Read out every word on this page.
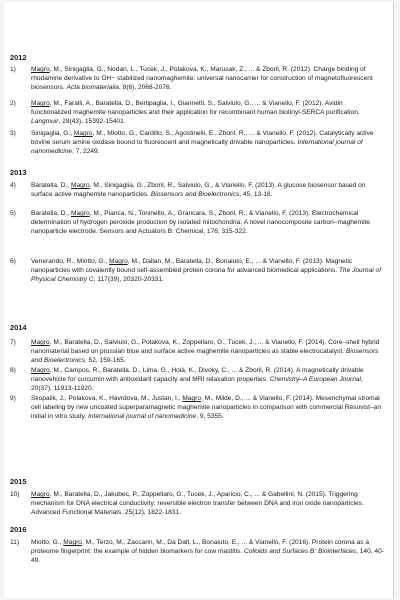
2012
1)	Magro, M., Sinigaglia, G., Nodari, L., Tucek, J., Polakova, K., Marusak, Z., ... & Zboril, R. (2012). Charge binding of rhodamine derivative to OH− stabilized nanomaghemite: universal nanocarrier for construction of magnetofluorescent biosensors. Acta biomaterialia, 8(6), 2068-2076.

2)	Magro, M., Faralli, A., Baratella, D., Bertipaglia, I., Giannetti, S., Salviulo, G., ... & Vianello, F. (2012). Avidin functionalized maghemite nanoparticles and their application for recombinant human biotinyl-SERCA purification. Langmuir, 28(43), 15392-15401.

3)	Sinigaglia, G., Magro, M., Miotto, G., Cardillo, S., Agostinelli, E., Zboril, R., ... & Vianello, F. (2012). Catalytically active bovine serum amine oxidase bound to fluorescent and magnetically drivable nanoparticles. International journal of nanomedicine, 7, 2249.

2013
4)	Baratella, D., Magro, M., Sinigaglia, G., Zboril, R., Salviulo, G., & Vianello, F. (2013). A glucose biosensor based on surface active maghemite nanoparticles. Biosensors and Bioelectronics, 45, 13-18.

5)	Baratella, D., Magro, M., Pianca, N., Toninello, A., Grancara, S., Zboril, R., & Vianello, F. (2013). Electrochemical determination of hydrogen peroxide production by isolated mitochondria: A novel nanocomposite carbon–maghemite nanoparticle electrode. Sensors and Actuators B: Chemical, 176, 315-322.

6)	Venerando, R., Miotto, G., Magro, M., Dallan, M., Baratella, D., Bonaiuto, E., ... & Vianello, F. (2013). Magnetic nanoparticles with covalently bound self-assembled protein corona for advanced biomedical applications. The Journal of Physical Chemistry C, 117(39), 20320-20331.

2014
7)	Magro, M., Baratella, D., Salviulo, G., Polakova, K., Zoppellaro, G., Tucek, J., ... & Vianello, F. (2014). Core–shell hybrid nanomaterial based on prussian blue and surface active maghemite nanoparticles as stable electrocatalyst. Biosensors and Bioelectronics, 52, 159-165.

8)	Magro, M., Campos, R., Baratella, D., Lima, G., Holà, K., Divoky, C., ... & Zboril, R. (2014). A magnetically drivable nanovehicle for curcumin with antioxidant capacity and MRI relaxation properties. Chemistry–A European Journal, 20(37), 11913-11920.

9)	Skopalik, J., Polakova, K., Havrdova, M., Justan, I., Magro, M., Milde, D., ... & Vianello, F. (2014). Mesenchymal stromal cell labeling by new uncoated superparamagnetic maghemite nanoparticles in comparison with commercial Resovist–an initial in vitro study. International journal of nanomedicine, 9, 5355.

2015
10)	Magro, M., Baratella, D., Jakubec, P., Zoppellaro, G., Tucek, J., Aparicio, C., ... & Gabellini, N. (2015). Triggering mechanism for DNA electrical conductivity: reversible electron transfer between DNA and iron oxide nanoparticles. Advanced Functional Materials, 25(12), 1822-1831.

2016
11)	Miotto, G., Magro, M., Terzo, M., Zaccarin, M., Da Dalt, L., Bonaiuto, E., ... & Vianello, F. (2016). Protein corona as a proteome fingerprint: the example of hidden biomarkers for cow mastitis. Colloids and Surfaces B: Biointerfaces, 140, 40-49.
